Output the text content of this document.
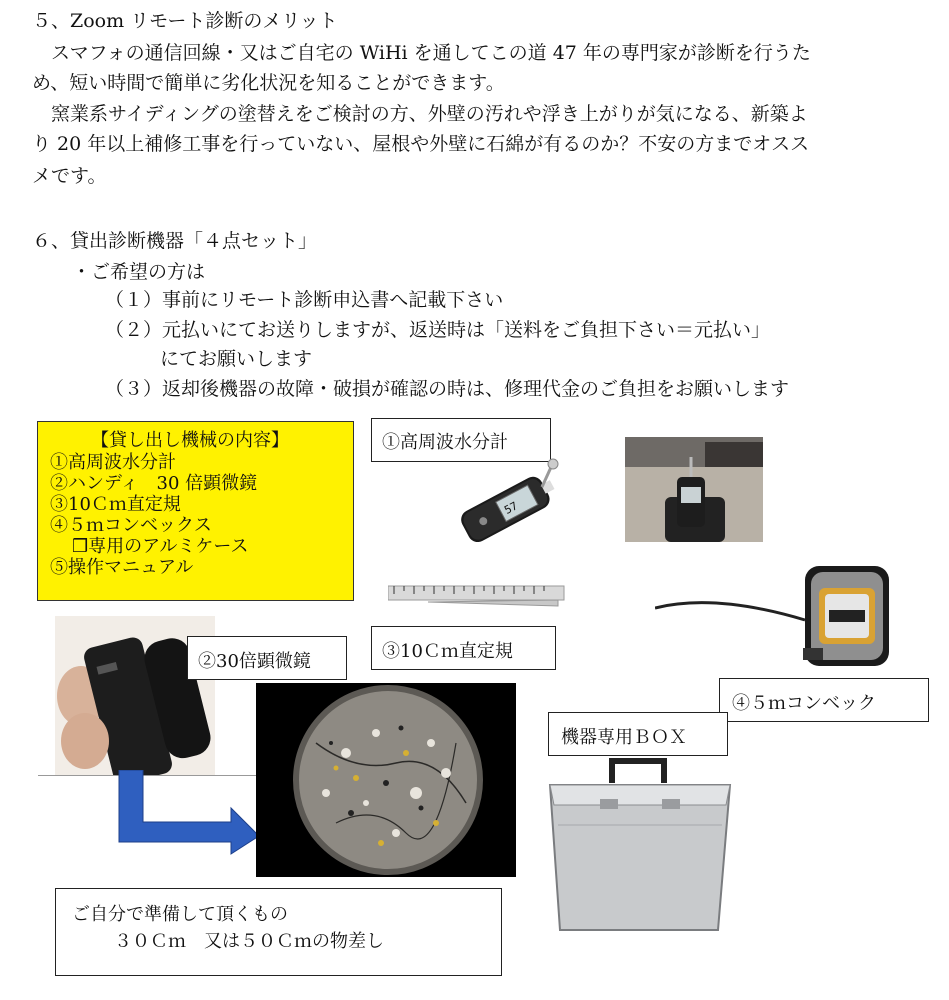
５、Zoom リモート診断のメリット
　スマフォの通信回線・又はご自宅の WiHi を通してこの道 47 年の専門家が診断を行うた
め、短い時間で簡単に劣化状況を知ることができます。
　窯業系サイディングの塗替えをご検討の方、外壁の汚れや浮き上がりが気になる、新築よ
り 20 年以上補修工事を行っていない、屋根や外壁に石綿が有るのか？不安の方までオスス
メです。
６、貸出診断機器「４点セット」
・ご希望の方は
（１）事前にリモート診断申込書へ記載下さい
（２）元払いにてお送りしますが、返送時は「送料をご負担下さい＝元払い」
にてお願いします
（３）返却後機器の故障・破損が確認の時は、修理代金のご負担をお願いします
【貸し出し機械の内容】
①高周波水分計
②ハンディ　30 倍顕微鏡
③10Ｃｍ直定規
④５ｍコンベックス
❒専用のアルミケース
⑤操作マニュアル
①高周波水分計
57
③10Ｃｍ直定規
④５ｍコンベック
②30倍顕微鏡
機器専用ＢＯＸ
ご自分で準備して頂くもの
３０Ｃｍ　又は５０Ｃｍの物差し
